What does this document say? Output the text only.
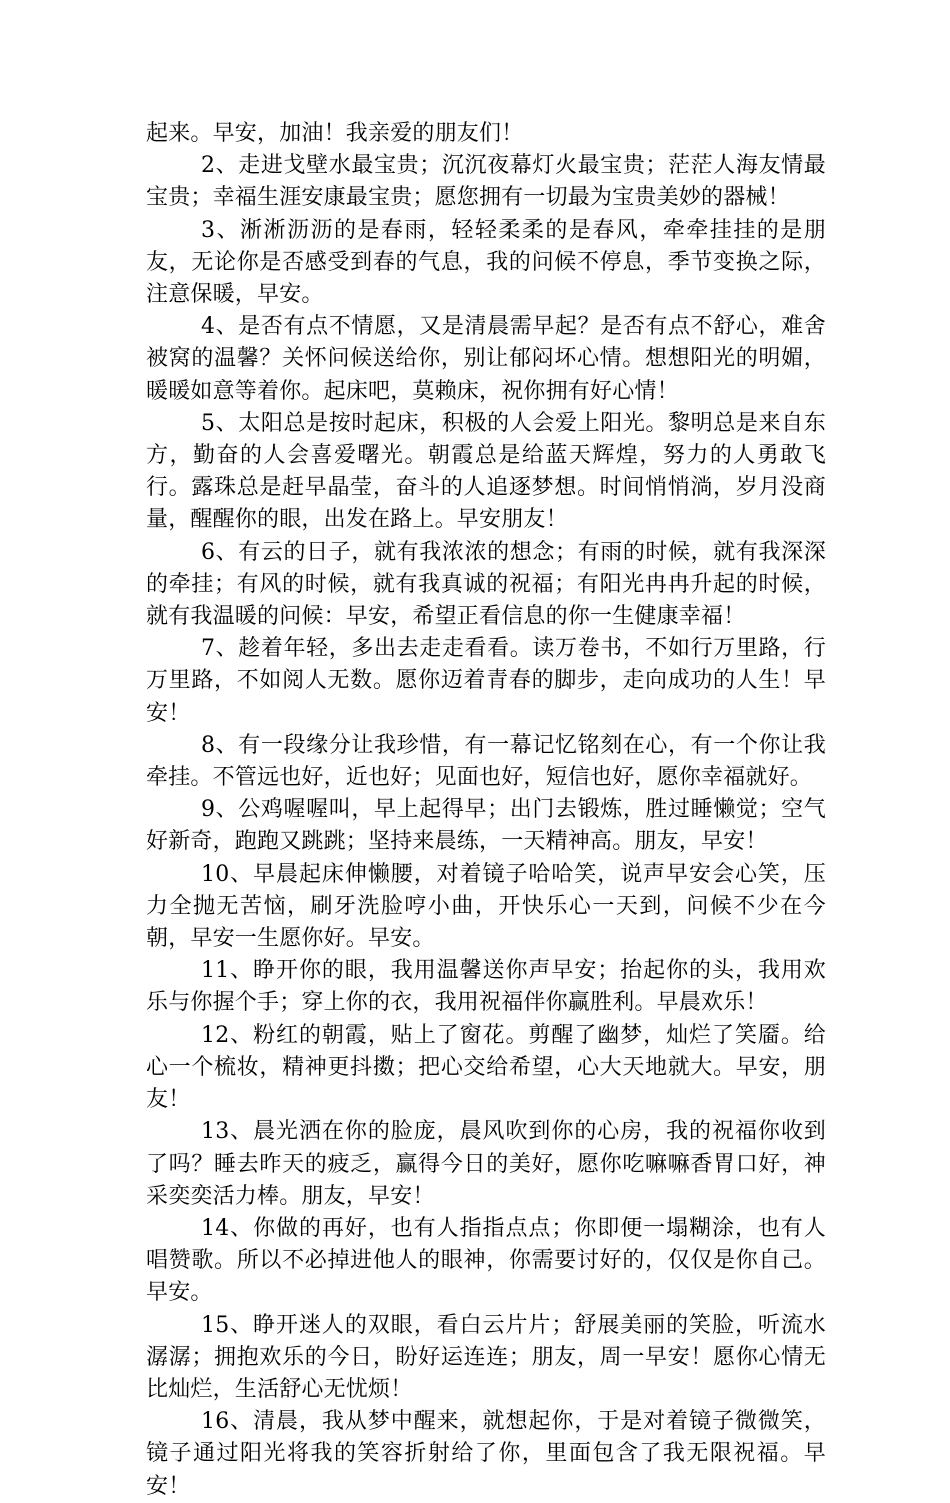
起来。早安，加油！我亲爱的朋友们！

2、走进戈壁水最宝贵；沉沉夜幕灯火最宝贵；茫茫人海友情最宝贵；幸福生涯安康最宝贵；愿您拥有一切最为宝贵美妙的器械！

3、淅淅沥沥的是春雨，轻轻柔柔的是春风，牵牵挂挂的是朋友，无论你是否感受到春的气息，我的问候不停息，季节变换之际，注意保暖，早安。

4、是否有点不情愿，又是清晨需早起？是否有点不舒心，难舍被窝的温馨？关怀问候送给你，别让郁闷坏心情。想想阳光的明媚，暖暖如意等着你。起床吧，莫赖床，祝你拥有好心情！

5、太阳总是按时起床，积极的人会爱上阳光。黎明总是来自东方，勤奋的人会喜爱曙光。朝霞总是给蓝天辉煌，努力的人勇敢飞行。露珠总是赶早晶莹，奋斗的人追逐梦想。时间悄悄淌，岁月没商量，醒醒你的眼，出发在路上。早安朋友！

6、有云的日子，就有我浓浓的想念；有雨的时候，就有我深深的牵挂；有风的时候，就有我真诚的祝福；有阳光冉冉升起的时候，就有我温暖的问候：早安，希望正看信息的你一生健康幸福！

7、趁着年轻，多出去走走看看。读万卷书，不如行万里路，行万里路，不如阅人无数。愿你迈着青春的脚步，走向成功的人生！早安！

8、有一段缘分让我珍惜，有一幕记忆铭刻在心，有一个你让我牵挂。不管远也好，近也好；见面也好，短信也好，愿你幸福就好。

9、公鸡喔喔叫，早上起得早；出门去锻炼，胜过睡懒觉；空气好新奇，跑跑又跳跳；坚持来晨练，一天精神高。朋友，早安！

10、早晨起床伸懒腰，对着镜子哈哈笑，说声早安会心笑，压力全抛无苦恼，刷牙洗脸哼小曲，开快乐心一天到，问候不少在今朝，早安一生愿你好。早安。

11、睁开你的眼，我用温馨送你声早安；抬起你的头，我用欢乐与你握个手；穿上你的衣，我用祝福伴你赢胜利。早晨欢乐！

12、粉红的朝霞，贴上了窗花。剪醒了幽梦，灿烂了笑靥。给心一个梳妆，精神更抖擞；把心交给希望，心大天地就大。早安，朋友！

13、晨光洒在你的脸庞，晨风吹到你的心房，我的祝福你收到了吗？睡去昨天的疲乏，赢得今日的美好，愿你吃嘛嘛香胃口好，神采奕奕活力棒。朋友，早安！

14、你做的再好，也有人指指点点；你即便一塌糊涂，也有人唱赞歌。所以不必掉进他人的眼神，你需要讨好的，仅仅是你自己。早安。

15、睁开迷人的双眼，看白云片片；舒展美丽的笑脸，听流水潺潺；拥抱欢乐的今日，盼好运连连；朋友，周一早安！愿你心情无比灿烂，生活舒心无忧烦！

16、清晨，我从梦中醒来，就想起你，于是对着镜子微微笑，镜子通过阳光将我的笑容折射给了你，里面包含了我无限祝福。早安！
